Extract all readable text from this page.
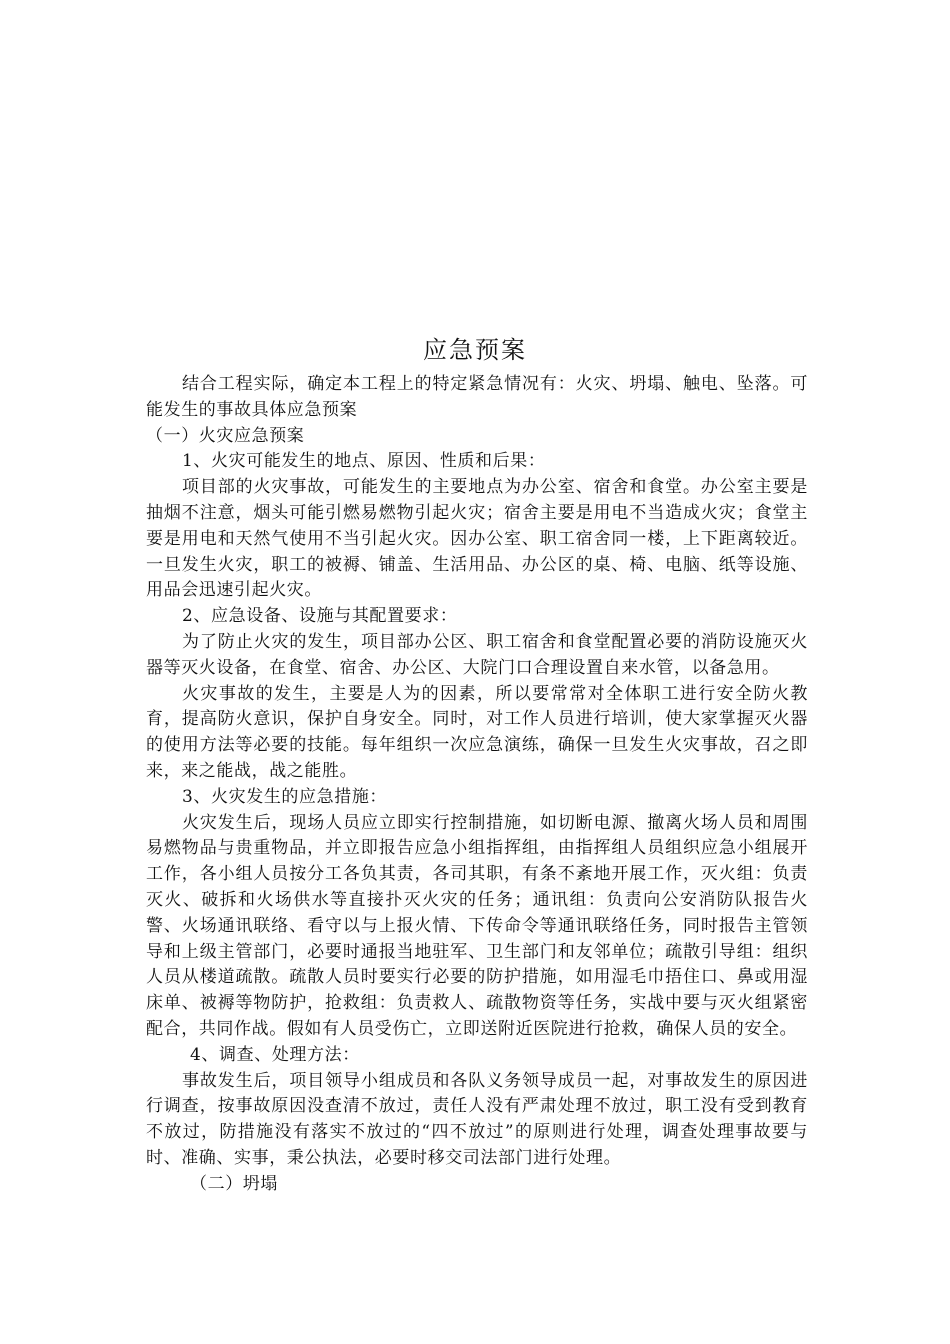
应急预案

结合工程实际，确定本工程上的特定紧急情况有：火灾、坍塌、触电、坠落。可能发生的事故具体应急预案

（一）火灾应急预案

1、火灾可能发生的地点、原因、性质和后果：

项目部的火灾事故，可能发生的主要地点为办公室、宿舍和食堂。办公室主要是抽烟不注意，烟头可能引燃易燃物引起火灾；宿舍主要是用电不当造成火灾；食堂主要是用电和天然气使用不当引起火灾。因办公室、职工宿舍同一楼，上下距离较近。一旦发生火灾，职工的被褥、铺盖、生活用品、办公区的桌、椅、电脑、纸等设施、用品会迅速引起火灾。

2、应急设备、设施与其配置要求：

为了防止火灾的发生，项目部办公区、职工宿舍和食堂配置必要的消防设施灭火器等灭火设备，在食堂、宿舍、办公区、大院门口合理设置自来水管，以备急用。

火灾事故的发生，主要是人为的因素，所以要常常对全体职工进行安全防火教育，提高防火意识，保护自身安全。同时，对工作人员进行培训，使大家掌握灭火器的使用方法等必要的技能。每年组织一次应急演练，确保一旦发生火灾事故，召之即来，来之能战，战之能胜。

3、火灾发生的应急措施：

火灾发生后，现场人员应立即实行控制措施，如切断电源、撤离火场人员和周围易燃物品与贵重物品，并立即报告应急小组指挥组，由指挥组人员组织应急小组展开工作，各小组人员按分工各负其责，各司其职，有条不紊地开展工作，灭火组：负责灭火、破拆和火场供水等直接扑灭火灾的任务；通讯组：负责向公安消防队报告火警、火场通讯联络、看守以与上报火情、下传命令等通讯联络任务，同时报告主管领导和上级主管部门，必要时通报当地驻军、卫生部门和友邻单位；疏散引导组：组织人员从楼道疏散。疏散人员时要实行必要的防护措施，如用湿毛巾捂住口、鼻或用湿床单、被褥等物防护，抢救组：负责救人、疏散物资等任务，实战中要与灭火组紧密配合，共同作战。假如有人员受伤亡，立即送附近医院进行抢救，确保人员的安全。

4、调查、处理方法：

事故发生后，项目领导小组成员和各队义务领导成员一起，对事故发生的原因进行调查，按事故原因没查清不放过，责任人没有严肃处理不放过，职工没有受到教育不放过，防措施没有落实不放过的“四不放过”的原则进行处理，调查处理事故要与时、准确、实事，秉公执法，必要时移交司法部门进行处理。

（二）坍塌
